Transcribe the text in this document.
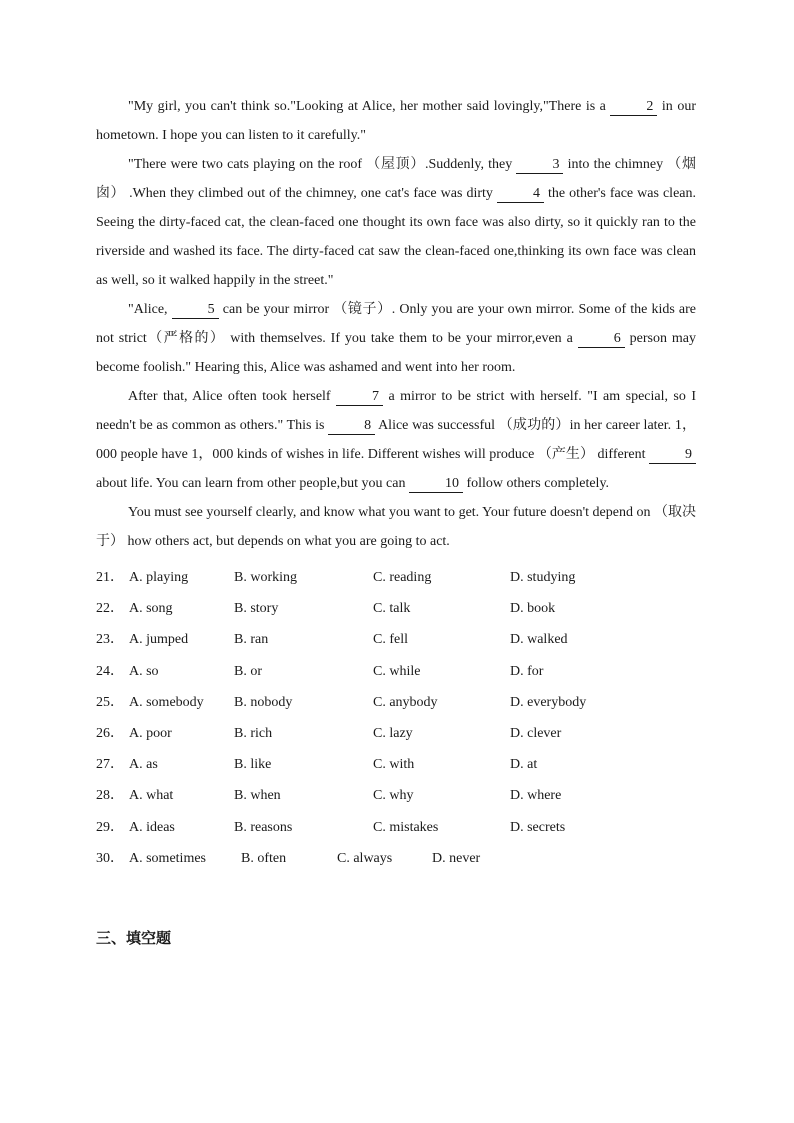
"My girl, you can't think so."Looking at Alice, her mother said lovingly,"There is a	2 in our hometown. I hope you can listen to it carefully."

"There were two cats playing on the roof （屋顶）.Suddenly, they	3 into the chimney （烟囱） .When they climbed out of the chimney, one cat's face was dirty	4 the other's face was clean. Seeing the dirty-faced cat, the clean-faced one thought its own face was also dirty, so it quickly ran to the riverside and washed its face. The dirty-faced cat saw the clean-faced one,thinking its own face was clean as well, so it walked happily in the street."

"Alice,	5 can be your mirror （镜子）. Only you are your own mirror. Some of the kids are not strict（严格的） with themselves. If you take them to be your mirror,even a	6 person may become foolish." Hearing this, Alice was ashamed and went into her room.

After that, Alice often took herself	7 a mirror to be strict with herself. "I am special, so I needn't be as common as others." This is	8 Alice was successful （成功的）in her career later. 1，000 people have 1，000 kinds of wishes in life. Different wishes will produce （产生） different	9 about life. You can learn from other people,but you can	10 follow others completely.

You must see yourself clearly, and know what you want to get. Your future doesn't depend on （取决于） how others act, but depends on what you are going to act.

21． A. playing	B. working	C. reading	D. studying
22． A. song	B. story	C. talk	D. book
23． A. jumped	B. ran	C. fell	D. walked
24． A. so	B. or	C. while	D. for
25． A. somebody B. nobody	C. anybody	D. everybody
26． A. poor	B. rich	C. lazy	D. clever
27． A. as	B. like	C. with	D. at
28． A. what	B. when	C. why	D. where
29． A. ideas	B. reasons	C. mistakes	D. secrets
30． A. sometimes	B. often	C. always	D. never
三、填空题
